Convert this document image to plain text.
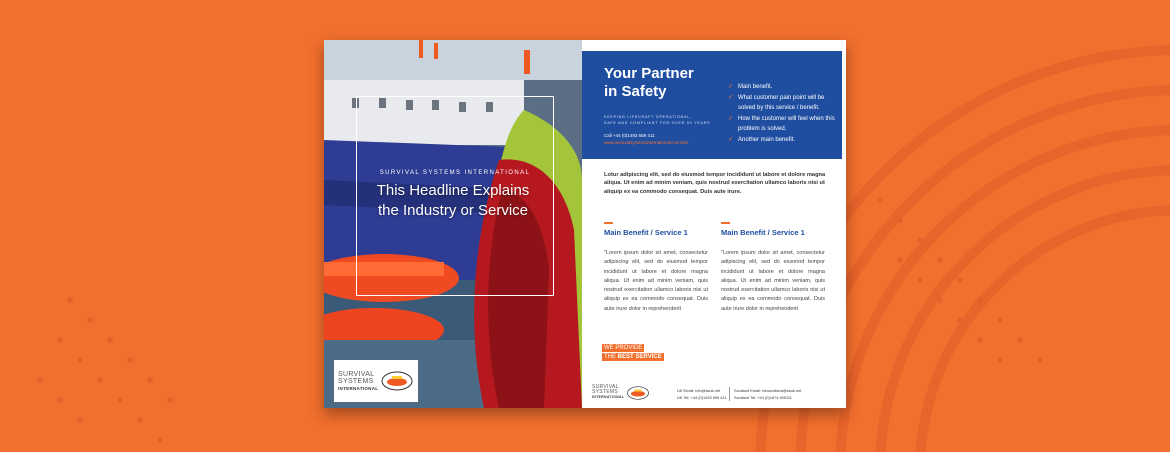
SURVIVAL SYSTEMS INTERNATIONAL
This Headline Explains
the Industry or Service
SURVIVAL
SYSTEMS
INTERNATIONAL
Your Partner
in Safety
KEEPING LIFECRAFT OPERATIONAL,
SAFE AND COMPLIANT FOR OVER 50 YEARS
Call +44 (0)1493 659 411
www.survivalsystemsinternational.com/UK
✓ Main benefit.
✓ What customer pain point will be solved by this service / benefit.
✓ How the customer will feel when this problem is solved.
✓ Another main benefit.

Lotur adipiscing elit, sed do eiusmod tempor incididunt ut labore et dolore magna aliqua. Ut enim ad minim veniam, quis nostrud exercitation ullamco laboris nisi ut aliquip ex ea commodo consequat. Duis aute irure.

Main Benefit / Service 1

"Lorem ipsum dolor sit amet, consectetur adipiscing elit, sed do eiusmod tempor incididunt ut labore et dolore magna aliqua. Ut enim ad minim veniam, quis nostrud exercitation ullamco laboris nisi ut aliquip ex ea commodo consequat. Duis aute irure dolor in reprehenderit

Main Benefit / Service 1

"Lorem ipsum dolor sit amet, consectetur adipiscing elit, sed do eiusmod tempor incididunt ut labore et dolore magna aliqua. Ut enim ad minim veniam, quis nostrud exercitation ullamco laboris nisi ut aliquip ex ea commodo consequat. Duis aute irure dolor in reprehenderit

WE PROVIDE
THE BEST SERVICE
SURVIVAL
SYSTEMS
INTERNATIONAL
UK Email: info@ssuk.net
UK Tel: +44 (0)1493 659 411
Scotland Email: infoscotland@ssuk.net
Scotland Tel: +44 (0)1674 905111
